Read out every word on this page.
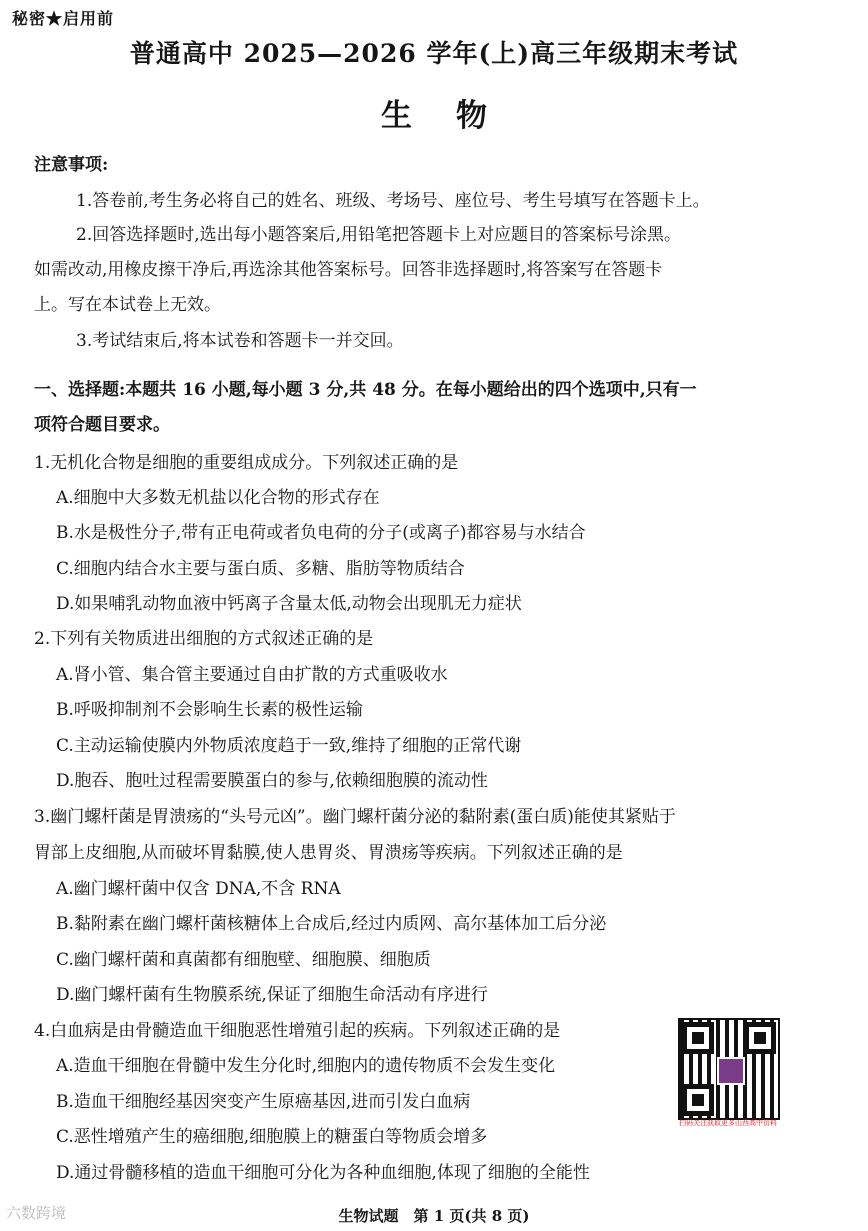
秘密★启用前
普通高中 2025—2026 学年(上)高三年级期末考试
生物
注意事项:
1.答卷前,考生务必将自己的姓名、班级、考场号、座位号、考生号填写在答题卡上。
2.回答选择题时,选出每小题答案后,用铅笔把答题卡上对应题目的答案标号涂黑。
如需改动,用橡皮擦干净后,再选涂其他答案标号。回答非选择题时,将答案写在答题卡
上。写在本试卷上无效。
3.考试结束后,将本试卷和答题卡一并交回。
一、选择题:本题共 16 小题,每小题 3 分,共 48 分。在每小题给出的四个选项中,只有一
项符合题目要求。
1.无机化合物是细胞的重要组成成分。下列叙述正确的是
A.细胞中大多数无机盐以化合物的形式存在
B.水是极性分子,带有正电荷或者负电荷的分子(或离子)都容易与水结合
C.细胞内结合水主要与蛋白质、多糖、脂肪等物质结合
D.如果哺乳动物血液中钙离子含量太低,动物会出现肌无力症状
2.下列有关物质进出细胞的方式叙述正确的是
A.肾小管、集合管主要通过自由扩散的方式重吸收水
B.呼吸抑制剂不会影响生长素的极性运输
C.主动运输使膜内外物质浓度趋于一致,维持了细胞的正常代谢
D.胞吞、胞吐过程需要膜蛋白的参与,依赖细胞膜的流动性
3.幽门螺杆菌是胃溃疡的“头号元凶”。幽门螺杆菌分泌的黏附素(蛋白质)能使其紧贴于
胃部上皮细胞,从而破坏胃黏膜,使人患胃炎、胃溃疡等疾病。下列叙述正确的是
A.幽门螺杆菌中仅含 DNA,不含 RNA
B.黏附素在幽门螺杆菌核糖体上合成后,经过内质网、高尔基体加工后分泌
C.幽门螺杆菌和真菌都有细胞壁、细胞膜、细胞质
D.幽门螺杆菌有生物膜系统,保证了细胞生命活动有序进行
4.白血病是由骨髓造血干细胞恶性增殖引起的疾病。下列叙述正确的是
A.造血干细胞在骨髓中发生分化时,细胞内的遗传物质不会发生变化
B.造血干细胞经基因突变产生原癌基因,进而引发白血病
C.恶性增殖产生的癌细胞,细胞膜上的糖蛋白等物质会增多
D.通过骨髓移植的造血干细胞可分化为各种血细胞,体现了细胞的全能性
扫码关注获取更多山西高中资料
六数跨境	生物试题　第 1 页(共 8 页)
